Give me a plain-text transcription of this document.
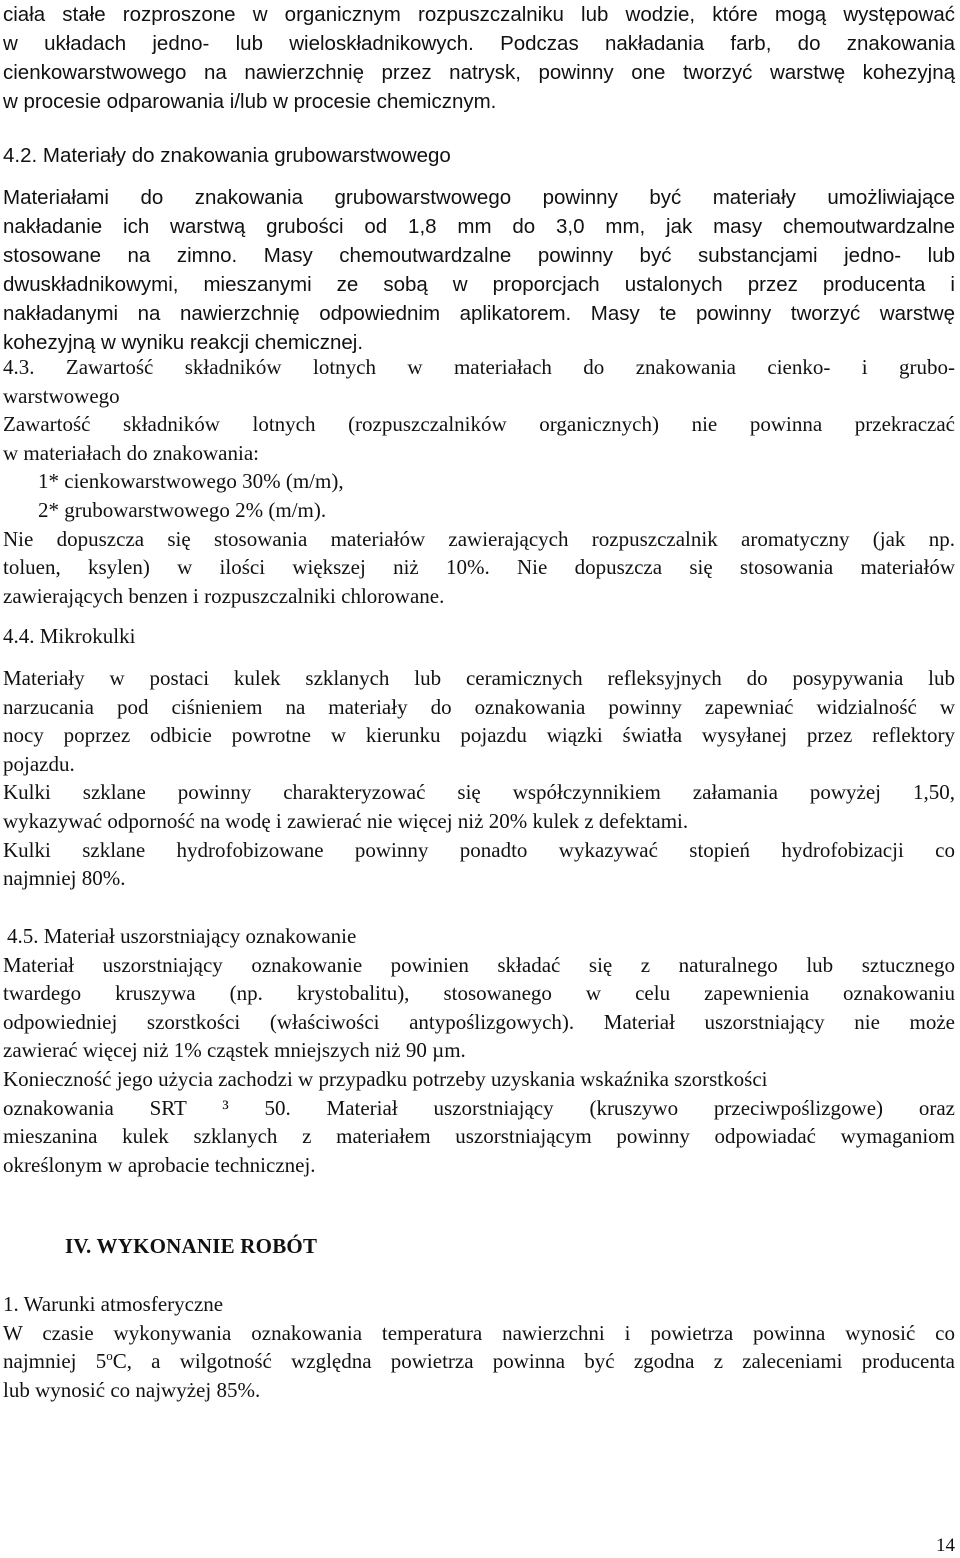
ciała stałe rozproszone w organicznym rozpuszczalniku lub wodzie, które mogą występować
w układach jedno- lub wieloskładnikowych. Podczas nakładania farb, do znakowania
cienkowarstwowego na nawierzchnię przez natrysk, powinny one tworzyć warstwę kohezyjną
w procesie odparowania i/lub w procesie chemicznym.
4.2. Materiały do znakowania grubowarstwowego
Materiałami do znakowania grubowarstwowego powinny być materiały umożliwiające
nakładanie ich warstwą grubości od 1,8 mm do 3,0 mm, jak masy chemoutwardzalne
stosowane na zimno. Masy chemoutwardzalne powinny być substancjami jedno- lub
dwuskładnikowymi, mieszanymi ze sobą w proporcjach ustalonych przez producenta i
nakładanymi na nawierzchnię odpowiednim aplikatorem. Masy te powinny tworzyć warstwę
kohezyjną w wyniku reakcji chemicznej.
4.3. Zawartość składników lotnych w materiałach do znakowania cienko- i grubo-
warstwowego
Zawartość składników lotnych (rozpuszczalników organicznych) nie powinna przekraczać
w materiałach do znakowania:
1* cienkowarstwowego 30% (m/m),
2* grubowarstwowego 2% (m/m).
Nie dopuszcza się stosowania materiałów zawierających rozpuszczalnik aromatyczny (jak np.
toluen, ksylen) w ilości większej niż 10%. Nie dopuszcza się stosowania materiałów
zawierających benzen i rozpuszczalniki chlorowane.
4.4. Mikrokulki
Materiały w postaci kulek szklanych lub ceramicznych refleksyjnych do posypywania lub
narzucania pod ciśnieniem na materiały do oznakowania powinny zapewniać widzialność w
nocy poprzez odbicie powrotne w kierunku pojazdu wiązki światła wysyłanej przez reflektory
pojazdu.
Kulki szklane powinny charakteryzować się współczynnikiem załamania powyżej 1,50,
wykazywać odporność na wodę i zawierać nie więcej niż 20% kulek z defektami.
Kulki szklane hydrofobizowane powinny ponadto wykazywać stopień hydrofobizacji co
najmniej 80%.
4.5. Materiał uszorstniający oznakowanie
Materiał uszorstniający oznakowanie powinien składać się z naturalnego lub sztucznego
twardego kruszywa (np. krystobalitu), stosowanego w celu zapewnienia oznakowaniu
odpowiedniej szorstkości (właściwości antypoślizgowych). Materiał uszorstniający nie może
zawierać więcej niż 1% cząstek mniejszych niż 90 µm.
Konieczność jego użycia zachodzi w przypadku potrzeby uzyskania wskaźnika szorstkości
oznakowania SRT ³ 50. Materiał uszorstniający (kruszywo przeciwpoślizgowe) oraz
mieszanina kulek szklanych z materiałem uszorstniającym powinny odpowiadać wymaganiom
określonym w aprobacie technicznej.
IV. WYKONANIE ROBÓT
1. Warunki atmosferyczne
W czasie wykonywania oznakowania temperatura nawierzchni i powietrza powinna wynosić co
najmniej 5$^o$C, a wilgotność względna powietrza powinna być zgodna z zaleceniami producenta
lub wynosić co najwyżej 85%.
14
